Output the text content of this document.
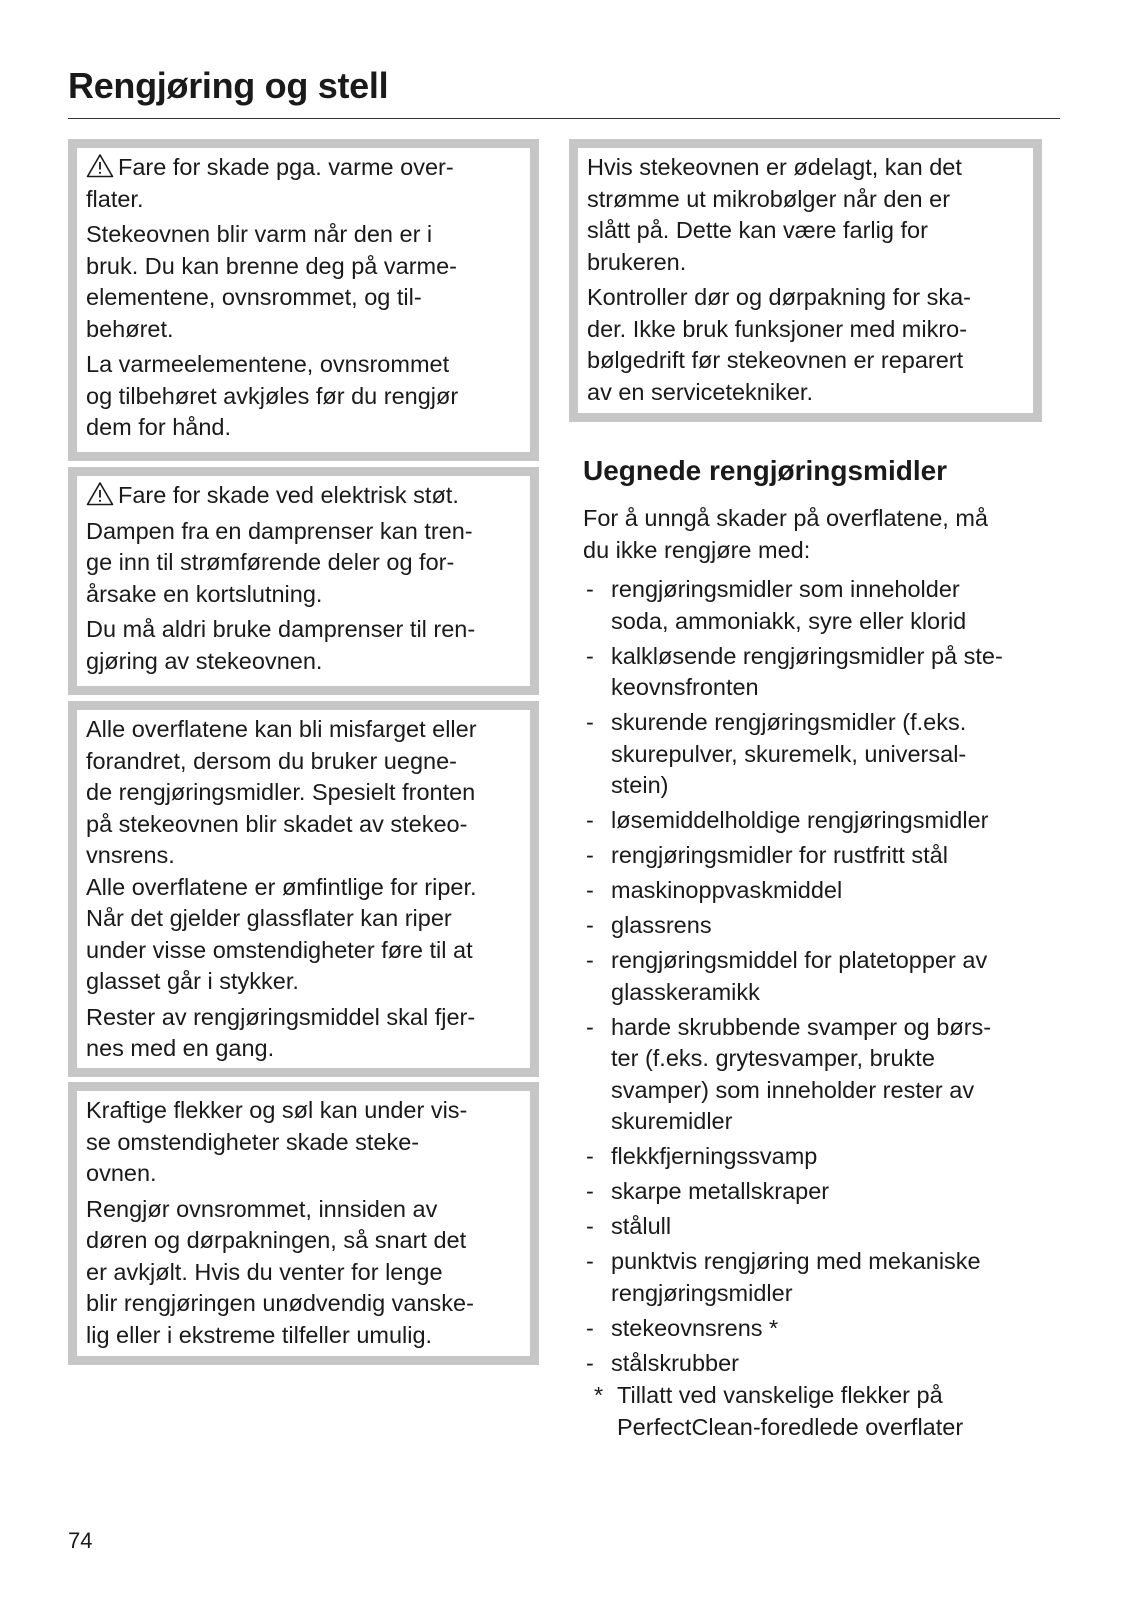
Rengjøring og stell

Fare for skade pga. varme over-
flater.

Stekeovnen blir varm når den er i
bruk. Du kan brenne deg på varme-
elementene, ovnsrommet, og til-
behøret.

La varmeelementene, ovnsrommet
og tilbehøret avkjøles før du rengjør
dem for hånd.

Fare for skade ved elektrisk støt.

Dampen fra en damprenser kan tren-
ge inn til strømførende deler og for-
årsake en kortslutning.

Du må aldri bruke damprenser til ren-
gjøring av stekeovnen.

Alle overflatene kan bli misfarget eller
forandret, dersom du bruker uegne-
de rengjøringsmidler. Spesielt fronten
på stekeovnen blir skadet av stekeo-
vnsrens.
Alle overflatene er ømfintlige for riper.
Når det gjelder glassflater kan riper
under visse omstendigheter føre til at
glasset går i stykker.

Rester av rengjøringsmiddel skal fjer-
nes med en gang.

Kraftige flekker og søl kan under vis-
se omstendigheter skade steke-
ovnen.

Rengjør ovnsrommet, innsiden av
døren og dørpakningen, så snart det
er avkjølt. Hvis du venter for lenge
blir rengjøringen unødvendig vanske-
lig eller i ekstreme tilfeller umulig.

Hvis stekeovnen er ødelagt, kan det
strømme ut mikrobølger når den er
slått på. Dette kan være farlig for
brukeren.

Kontroller dør og dørpakning for ska-
der. Ikke bruk funksjoner med mikro-
bølgedrift før stekeovnen er reparert
av en servicetekniker.

Uegnede rengjøringsmidler

For å unngå skader på overflatene, må
du ikke rengjøre med:

- rengjøringsmidler som inneholder
soda, ammoniakk, syre eller klorid
- kalkløsende rengjøringsmidler på ste-
keovnsfronten
- skurende rengjøringsmidler (f.eks.
skurepulver, skuremelk, universal-
stein)
- løsemiddelholdige rengjøringsmidler
- rengjøringsmidler for rustfritt stål
- maskinoppvaskmiddel
- glassrens
- rengjøringsmiddel for platetopper av
glasskeramikk
- harde skrubbende svamper og børs-
ter (f.eks. grytesvamper, brukte
svamper) som inneholder rester av
skuremidler
- flekkfjerningssvamp
- skarpe metallskraper
- stålull
- punktvis rengjøring med mekaniske
rengjøringsmidler
- stekeovnsrens *
- stålskrubber

* Tillatt ved vanskelige flekker på
PerfectClean-foredlede overflater

74
